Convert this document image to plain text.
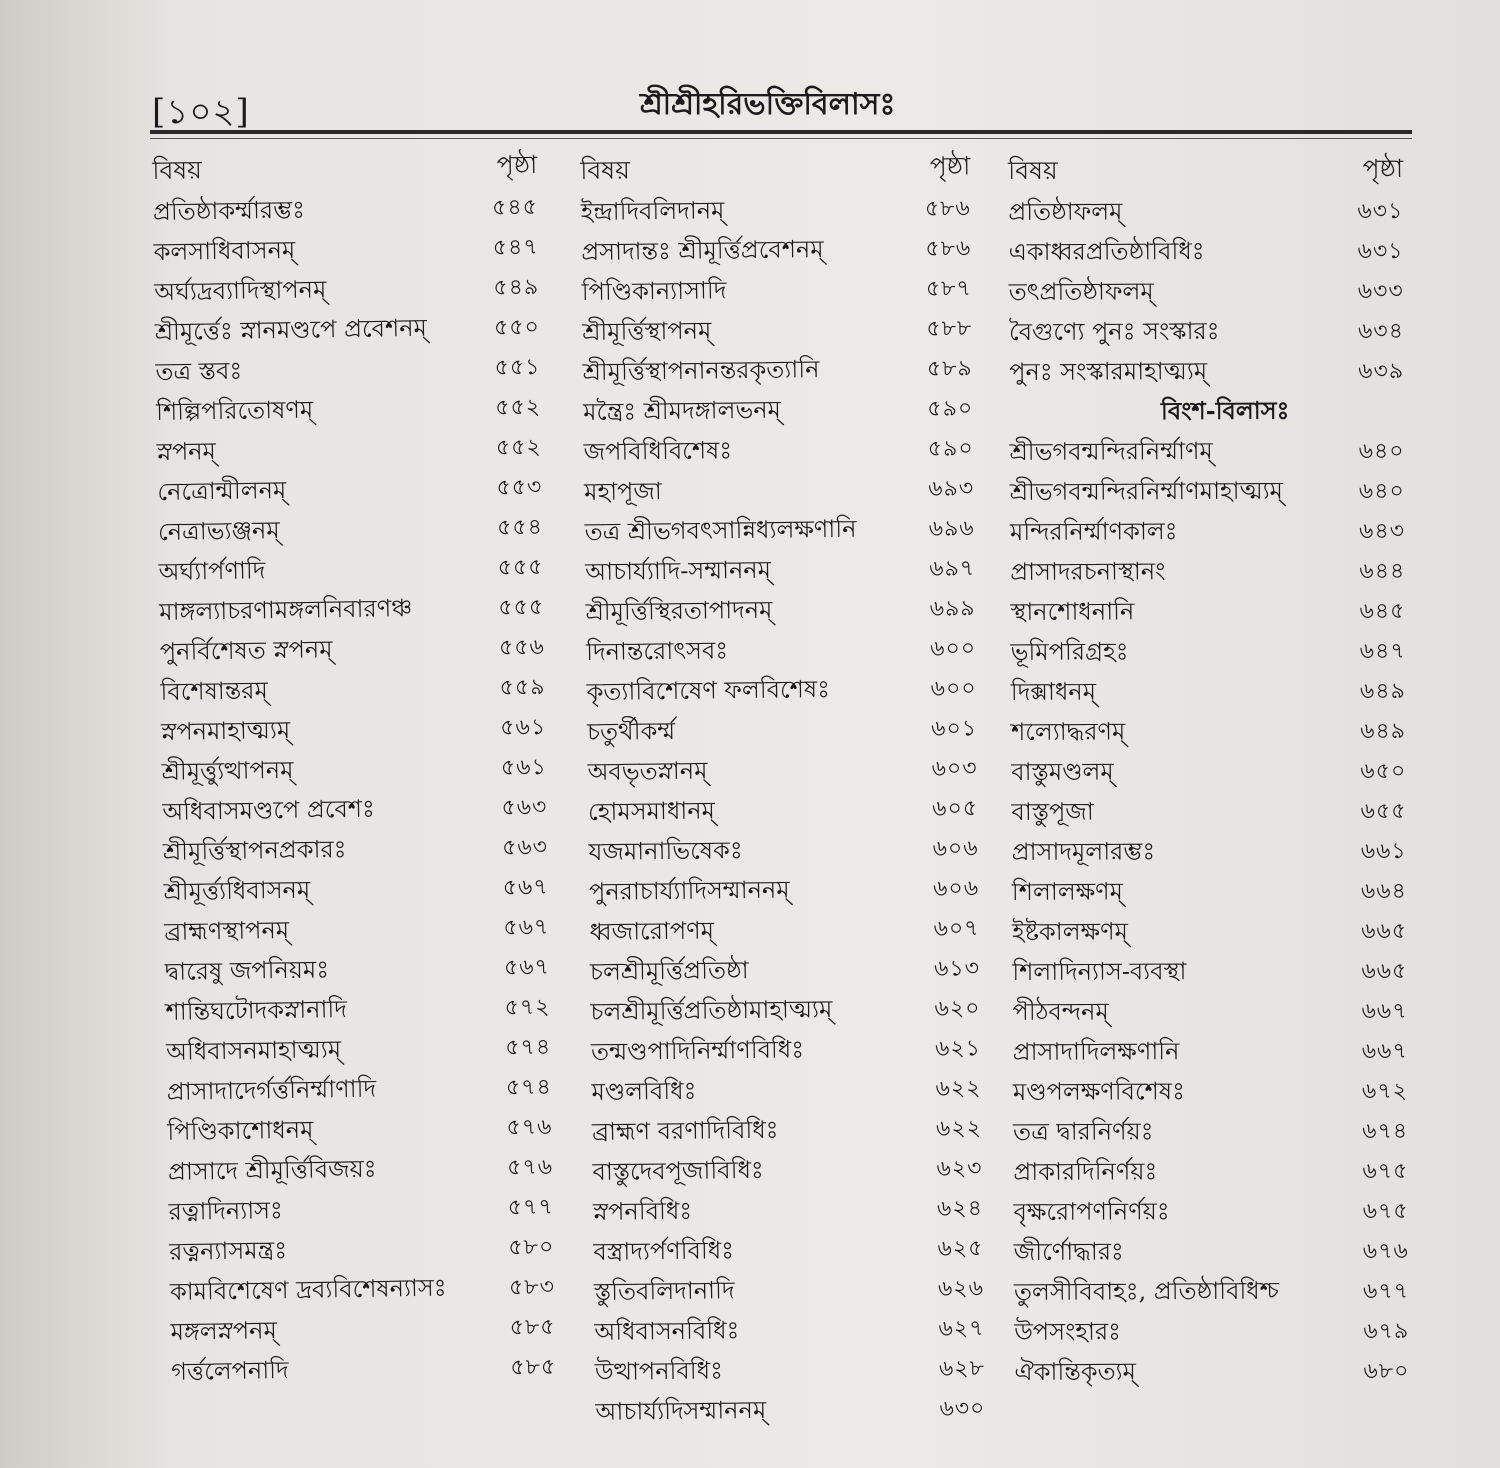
[১০২]	শ্রীশ্রীহরিভক্তিবিলাসঃ
বিষয়	পৃষ্ঠা
প্রতিষ্ঠাকর্ম্মারম্ভঃ	৫৪৫
কলসাধিবাসনম্	৫৪৭
অর্ঘ্যদ্রব্যাদিস্থাপনম্	৫৪৯
শ্রীমূর্ত্তেঃ স্নানমণ্ডপে প্রবেশনম্	৫৫০
তত্র স্তবঃ	৫৫১
শিল্পিপরিতোষণম্	৫৫২
স্নপনম্	৫৫২
নেত্রোন্মীলনম্	৫৫৩
নেত্রাভ্যঞ্জনম্	৫৫৪
অর্ঘ্যার্পণাদি	৫৫৫
মাঙ্গল্যাচরণামঙ্গলনিবারণঞ্চ	৫৫৫
পুনর্বিশেষত স্নপনম্	৫৫৬
বিশেষান্তরম্	৫৫৯
স্নপনমাহাত্ম্যম্	৫৬১
শ্রীমূর্ত্ত্যুত্থাপনম্	৫৬১
অধিবাসমণ্ডপে প্রবেশঃ	৫৬৩
শ্রীমূর্ত্তিস্থাপনপ্রকারঃ	৫৬৩
শ্রীমূর্ত্ত্যধিবাসনম্	৫৬৭
ব্রাহ্মণস্থাপনম্	৫৬৭
দ্বারেষু জপনিয়মঃ	৫৬৭
শান্তিঘটোদকস্নানাদি	৫৭২
অধিবাসনমাহাত্ম্যম্	৫৭৪
প্রাসাদাদের্গর্ত্তনির্ম্মাণাদি	৫৭৪
পিণ্ডিকাশোধনম্	৫৭৬
প্রাসাদে শ্রীমূর্ত্তিবিজয়ঃ	৫৭৬
রত্নাদিন্যাসঃ	৫৭৭
রত্নন্যাসমন্ত্রঃ	৫৮০
কামবিশেষেণ দ্রব্যবিশেষন্যাসঃ	৫৮৩
মঙ্গলস্নপনম্	৫৮৫
গর্ত্তলেপনাদি	৫৮৫
বিষয়	পৃষ্ঠা
ইন্দ্রাদিবলিদানম্	৫৮৬
প্রসাদান্তঃ শ্রীমূর্ত্তিপ্রবেশনম্	৫৮৬
পিণ্ডিকান্যাসাদি	৫৮৭
শ্রীমূর্ত্তিস্থাপনম্	৫৮৮
শ্রীমূর্ত্তিস্থাপনানন্তরকৃত্যানি	৫৮৯
মন্ত্রৈঃ শ্রীমদঙ্গালভনম্	৫৯০
জপবিধিবিশেষঃ	৫৯০
মহাপূজা	৬৯৩
তত্র শ্রীভগবৎসান্নিধ্যলক্ষণানি	৬৯৬
আচার্য্যাদি-সম্মাননম্	৬৯৭
শ্রীমূর্ত্তিস্থিরতাপাদনম্	৬৯৯
দিনান্তরোৎসবঃ	৬০০
কৃত্যাবিশেষেণ ফলবিশেষঃ	৬০০
চতুর্থীকর্ম্ম	৬০১
অবভৃতস্নানম্	৬০৩
হোমসমাধানম্	৬০৫
যজমানাভিষেকঃ	৬০৬
পুনরাচার্য্যাদিসম্মাননম্	৬০৬
ধ্বজারোপণম্	৬০৭
চলশ্রীমূর্ত্তিপ্রতিষ্ঠা	৬১৩
চলশ্রীমূর্ত্তিপ্রতিষ্ঠামাহাত্ম্যম্	৬২০
তন্মণ্ডপাদিনির্ম্মাণবিধিঃ	৬২১
মণ্ডলবিধিঃ	৬২২
ব্রাহ্মণ বরণাদিবিধিঃ	৬২২
বাস্তুদেবপূজাবিধিঃ	৬২৩
স্নপনবিধিঃ	৬২৪
বস্ত্রাদ্যর্পণবিধিঃ	৬২৫
স্তুতিবলিদানাদি	৬২৬
অধিবাসনবিধিঃ	৬২৭
উত্থাপনবিধিঃ	৬২৮
আচার্য্যদিসম্মাননম্	৬৩০
বিষয়	পৃষ্ঠা
প্রতিষ্ঠাফলম্	৬৩১
একাধ্বরপ্রতিষ্ঠাবিধিঃ	৬৩১
তৎপ্রতিষ্ঠাফলম্	৬৩৩
বৈগুণ্যে পুনঃ সংস্কারঃ	৬৩৪
পুনঃ সংস্কারমাহাত্ম্যম্	৬৩৯
বিংশ-বিলাসঃ
শ্রীভগবন্মন্দিরনির্ম্মাণম্	৬৪০
শ্রীভগবন্মন্দিরনির্ম্মাণমাহাত্ম্যম্	৬৪০
মন্দিরনির্ম্মাণকালঃ	৬৪৩
প্রাসাদরচনাস্থানং	৬৪৪
স্থানশোধনানি	৬৪৫
ভূমিপরিগ্রহঃ	৬৪৭
দিক্সাধনম্	৬৪৯
শল্যোদ্ধরণম্	৬৪৯
বাস্তুমণ্ডলম্	৬৫০
বাস্তুপূজা	৬৫৫
প্রাসাদমূলারম্ভঃ	৬৬১
শিলালক্ষণম্	৬৬৪
ইষ্টকালক্ষণম্	৬৬৫
শিলাদিন্যাস-ব্যবস্থা	৬৬৫
পীঠবন্দনম্	৬৬৭
প্রাসাদাদিলক্ষণানি	৬৬৭
মণ্ডপলক্ষণবিশেষঃ	৬৭২
তত্র দ্বারনির্ণয়ঃ	৬৭৪
প্রাকারদিনির্ণয়ঃ	৬৭৫
বৃক্ষরোপণনির্ণয়ঃ	৬৭৫
জীর্ণোদ্ধারঃ	৬৭৬
তুলসীবিবাহঃ, প্রতিষ্ঠাবিধিশ্চ	৬৭৭
উপসংহারঃ	৬৭৯
ঐকান্তিকৃত্যম্	৬৮০
